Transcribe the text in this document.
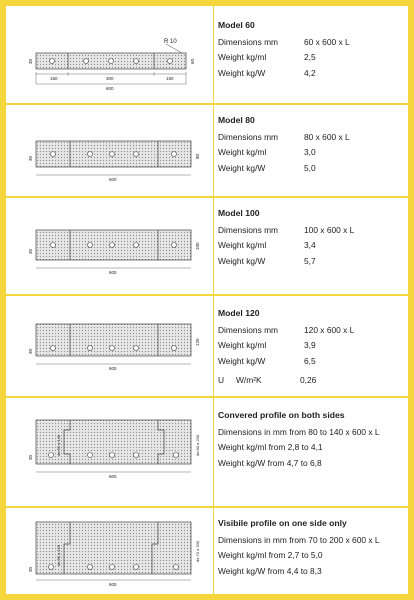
R 10
30	60
150	300	150
600
Model 60
Dimensions mm	60 x 600 x L
Weight kg/ml	2,5
Weight kg/W	4,2
30	80
600
Model 80
Dimensions mm	80 x 600 x L
Weight kg/ml	3,0
Weight kg/W	5,0
30
100
600
Model 100
Dimensions mm	100 x 600 x L
Weight kg/ml	3,4
Weight kg/W	5,7
30
120
600
Model 120
Dimensions mm	120 x 600 x L
Weight kg/ml	3,9
Weight kg/W	6,5
U	W/m²K	0,26
30
da 80 a 140	da 80 a 200
600
Convered profile on both sides
Dimensions in mm from 80 to 140 x 600 x L
Weight kg/ml from 2,8 to 4,1
Weight kg/W from 4,7 to 6,8
30
da 80 a 120	da 70 a 200
600
Visibile profile on one side only
Dimensions in mm from 70 to 200 x 600 x L
Weight kg/ml from 2,7 to 5,0
Weight kg/W from 4,4 to 8,3
